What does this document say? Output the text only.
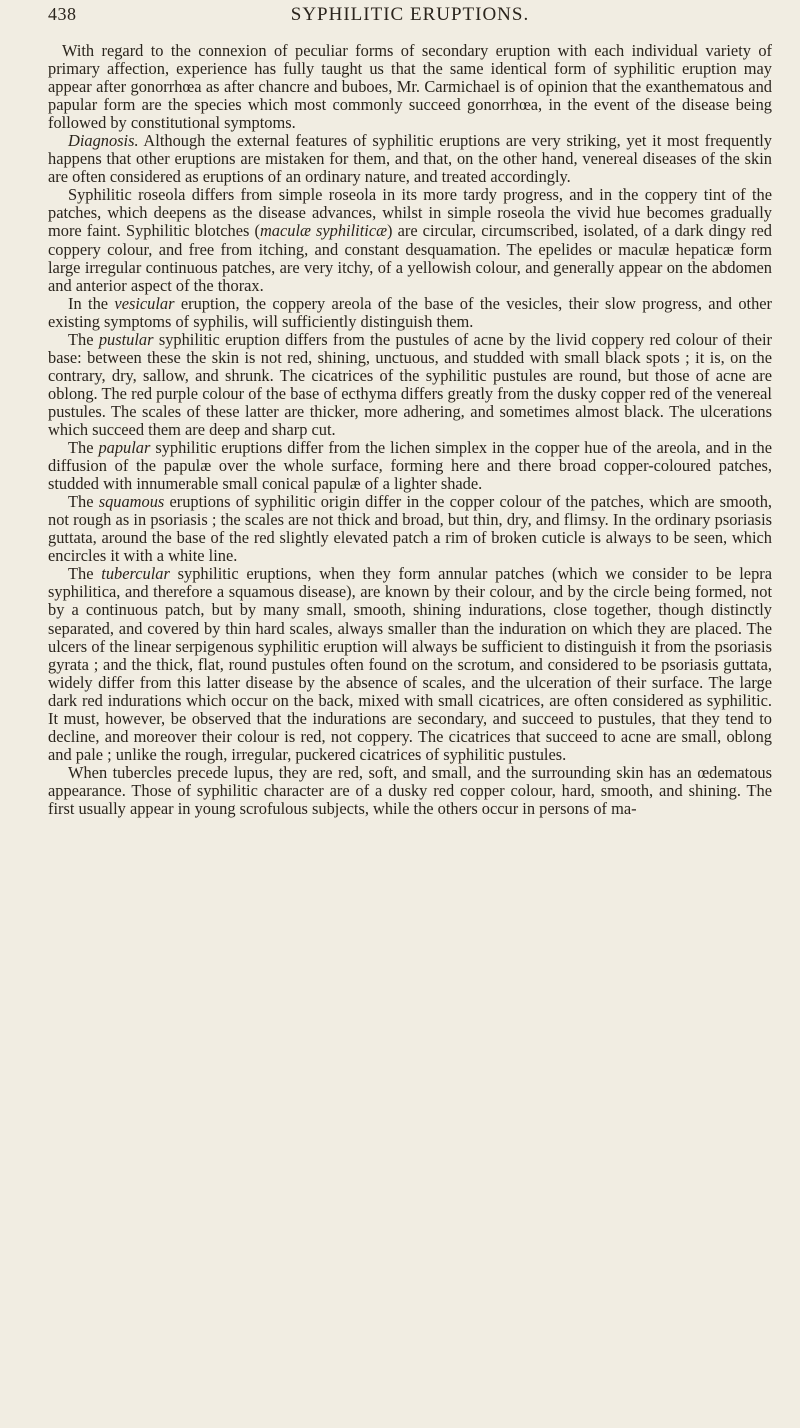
438	SYPHILITIC ERUPTIONS.

With regard to the connexion of peculiar forms of secondary eruption with each individual variety of primary affection, experience has fully taught us that the same identical form of syphilitic eruption may appear after gonorrhœa as after chancre and buboes, Mr. Carmichael is of opinion that the exanthematous and papular form are the species which most commonly succeed gonorrhœa, in the event of the disease being followed by constitutional symptoms.

Diagnosis. Although the external features of syphilitic eruptions are very striking, yet it most frequently happens that other eruptions are mistaken for them, and that, on the other hand, venereal diseases of the skin are often considered as eruptions of an ordinary nature, and treated accordingly.

Syphilitic roseola differs from simple roseola in its more tardy progress, and in the coppery tint of the patches, which deepens as the disease advances, whilst in simple roseola the vivid hue becomes gradually more faint. Syphilitic blotches (maculæ syphiliticæ) are circular, circumscribed, isolated, of a dark dingy red coppery colour, and free from itching, and constant desquamation. The epelides or maculæ hepaticæ form large irregular continuous patches, are very itchy, of a yellowish colour, and generally appear on the abdomen and anterior aspect of the thorax.

In the vesicular eruption, the coppery areola of the base of the vesicles, their slow progress, and other existing symptoms of syphilis, will sufficiently distinguish them.

The pustular syphilitic eruption differs from the pustules of acne by the livid coppery red colour of their base: between these the skin is not red, shining, unctuous, and studded with small black spots ; it is, on the contrary, dry, sallow, and shrunk. The cicatrices of the syphilitic pustules are round, but those of acne are oblong. The red purple colour of the base of ecthyma differs greatly from the dusky copper red of the venereal pustules. The scales of these latter are thicker, more adhering, and sometimes almost black. The ulcerations which succeed them are deep and sharp cut.

The papular syphilitic eruptions differ from the lichen simplex in the copper hue of the areola, and in the diffusion of the papulæ over the whole surface, forming here and there broad copper-coloured patches, studded with innumerable small conical papulæ of a lighter shade.

The squamous eruptions of syphilitic origin differ in the copper colour of the patches, which are smooth, not rough as in psoriasis ; the scales are not thick and broad, but thin, dry, and flimsy. In the ordinary psoriasis guttata, around the base of the red slightly elevated patch a rim of broken cuticle is always to be seen, which encircles it with a white line.

The tubercular syphilitic eruptions, when they form annular patches (which we consider to be lepra syphilitica, and therefore a squamous disease), are known by their colour, and by the circle being formed, not by a continuous patch, but by many small, smooth, shining indurations, close together, though distinctly separated, and covered by thin hard scales, always smaller than the induration on which they are placed. The ulcers of the linear serpigenous syphilitic eruption will always be sufficient to distinguish it from the psoriasis gyrata ; and the thick, flat, round pustules often found on the scrotum, and considered to be psoriasis guttata, widely differ from this latter disease by the absence of scales, and the ulceration of their surface. The large dark red indurations which occur on the back, mixed with small cicatrices, are often considered as syphilitic. It must, however, be observed that the indurations are secondary, and succeed to pustules, that they tend to decline, and moreover their colour is red, not coppery. The cicatrices that succeed to acne are small, oblong and pale ; unlike the rough, irregular, puckered cicatrices of syphilitic pustules.

When tubercles precede lupus, they are red, soft, and small, and the surrounding skin has an œdematous appearance. Those of syphilitic character are of a dusky red copper colour, hard, smooth, and shining. The first usually appear in young scrofulous subjects, while the others occur in persons of ma-
